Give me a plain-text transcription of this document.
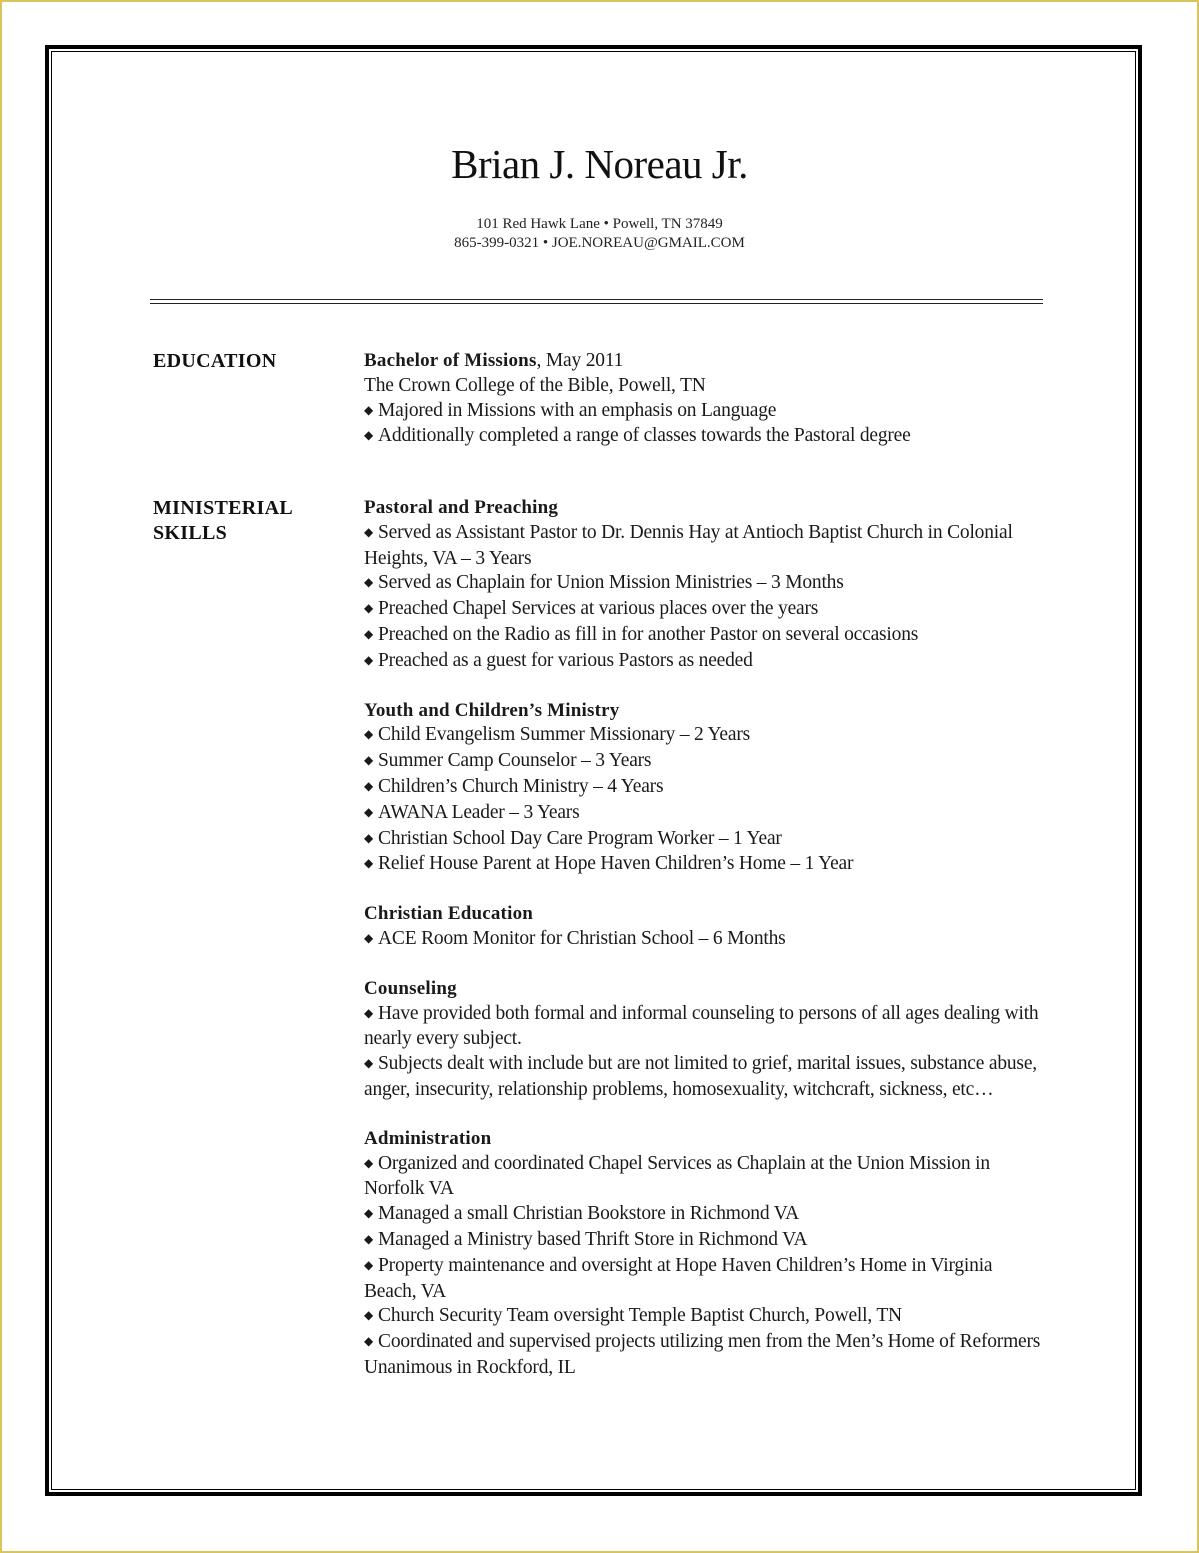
Brian J. Noreau Jr.
101 Red Hawk Lane • Powell, TN 37849
865-399-0321 • JOE.NOREAU@GMAIL.COM
EDUCATION	Bachelor of Missions, May 2011
The Crown College of the Bible, Powell, TN
◆ Majored in Missions with an emphasis on Language
◆ Additionally completed a range of classes towards the Pastoral degree
MINISTERIAL
SKILLS
Pastoral and Preaching
◆ Served as Assistant Pastor to Dr. Dennis Hay at Antioch Baptist Church in Colonial Heights, VA – 3 Years
◆ Served as Chaplain for Union Mission Ministries – 3 Months
◆ Preached Chapel Services at various places over the years
◆ Preached on the Radio as fill in for another Pastor on several occasions
◆ Preached as a guest for various Pastors as needed
Youth and Children’s Ministry
◆ Child Evangelism Summer Missionary – 2 Years
◆ Summer Camp Counselor – 3 Years
◆ Children’s Church Ministry – 4 Years
◆ AWANA Leader – 3 Years
◆ Christian School Day Care Program Worker – 1 Year
◆ Relief House Parent at Hope Haven Children’s Home – 1 Year
Christian Education
◆ ACE Room Monitor for Christian School – 6 Months
Counseling
◆ Have provided both formal and informal counseling to persons of all ages dealing with nearly every subject.
◆ Subjects dealt with include but are not limited to grief, marital issues, substance abuse, anger, insecurity, relationship problems, homosexuality, witchcraft, sickness, etc…
Administration
◆ Organized and coordinated Chapel Services as Chaplain at the Union Mission in Norfolk VA
◆ Managed a small Christian Bookstore in Richmond VA
◆ Managed a Ministry based Thrift Store in Richmond VA
◆ Property maintenance and oversight at Hope Haven Children’s Home in Virginia Beach, VA
◆ Church Security Team oversight Temple Baptist Church, Powell, TN
◆ Coordinated and supervised projects utilizing men from the Men’s Home of Reformers Unanimous in Rockford, IL
